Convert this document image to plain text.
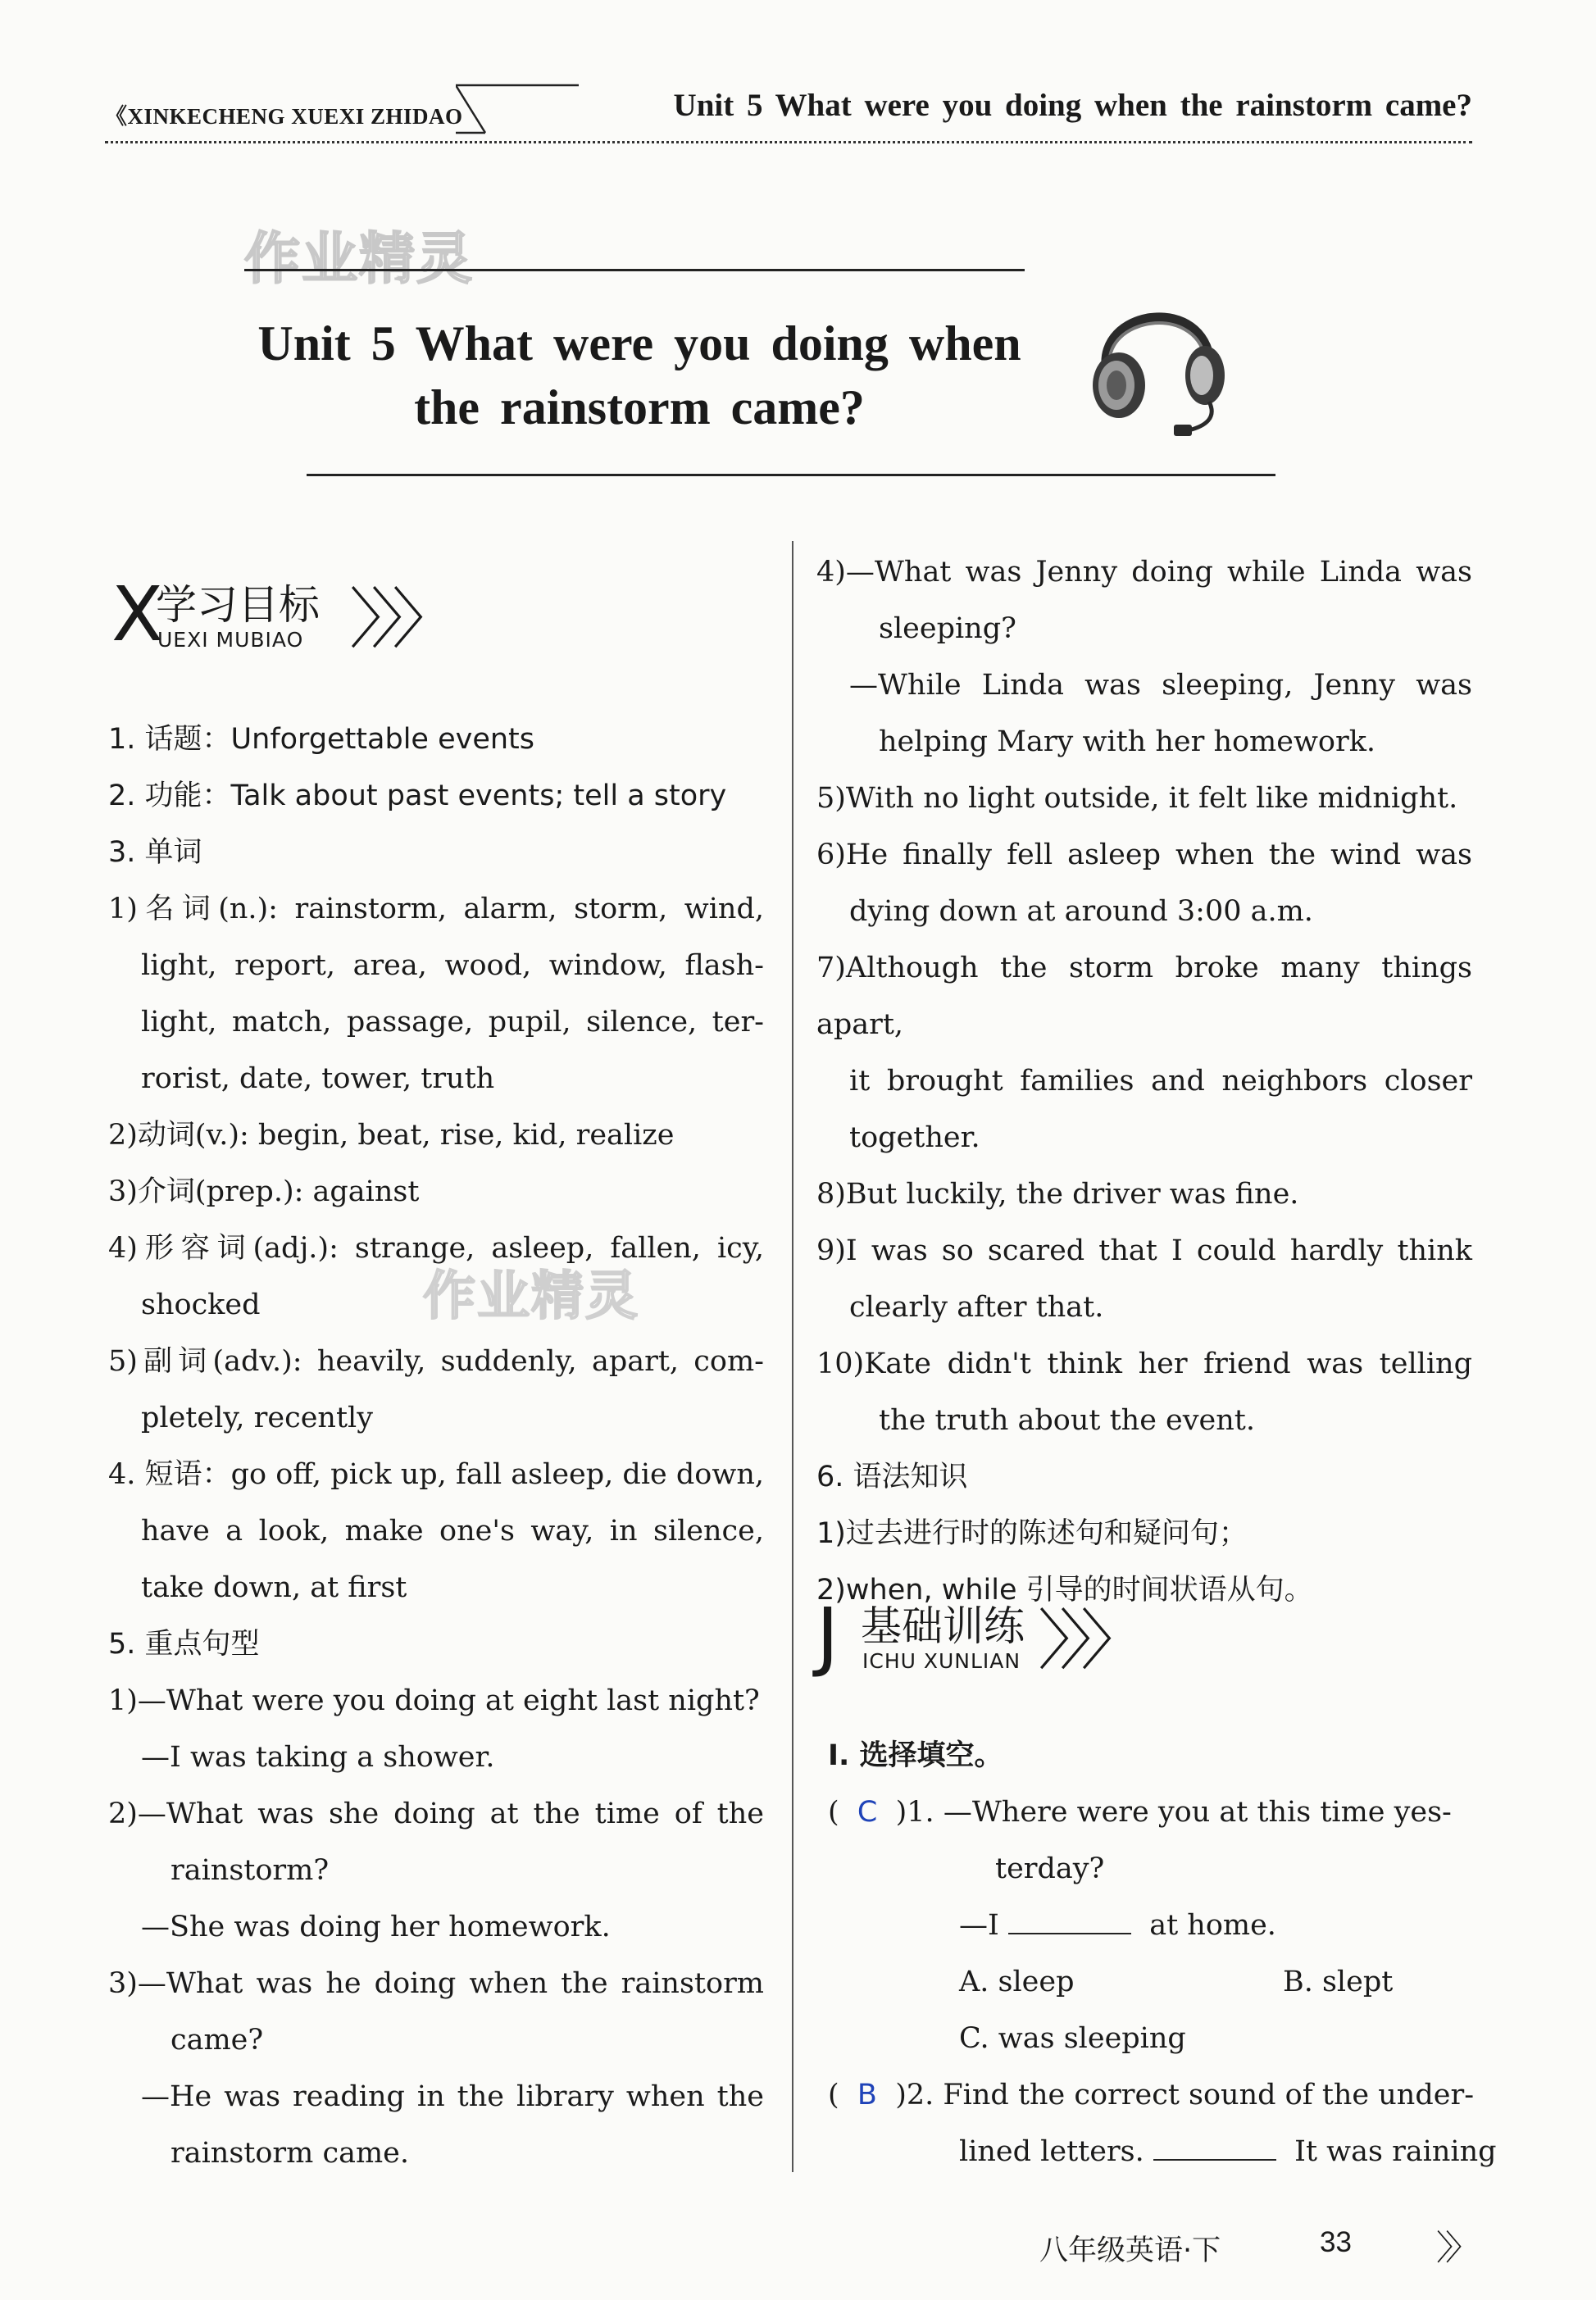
《XINKECHENG XUEXI ZHIDAO	Unit 5 What were you doing when the rainstorm came?
作业精灵
Unit 5 What were you doing when
the rainstorm came?
X
学习目标
UEXI MUBIAO 〉〉〉
1. 话题：Unforgettable events
2. 功能：Talk about past events; tell a story
3. 单词
1)名词(n.): rainstorm, alarm, storm, wind,
light, report, area, wood, window, flash-
light, match, passage, pupil, silence, ter-
rorist, date, tower, truth
2)动词(v.): begin, beat, rise, kid, realize
3)介词(prep.): against
4)形容词(adj.): strange, asleep, fallen, icy,
shocked
5)副词(adv.): heavily, suddenly, apart, com-
pletely, recently
4. 短语：go off, pick up, fall asleep, die down,
have a look, make one's way, in silence,
take down, at first
5. 重点句型
1)—What were you doing at eight last night?
—I was taking a shower.
2)—What was she doing at the time of the
rainstorm?
—She was doing her homework.
3)—What was he doing when the rainstorm
came?
—He was reading in the library when the
rainstorm came.
作业精灵
4)—What was Jenny doing while Linda was
sleeping?
—While Linda was sleeping, Jenny was
helping Mary with her homework.
5)With no light outside, it felt like midnight.
6)He finally fell asleep when the wind was
dying down at around 3:00 a.m.
7)Although the storm broke many things apart,
it brought families and neighbors closer
together.
8)But luckily, the driver was fine.
9)I was so scared that I could hardly think
clearly after that.
10)Kate didn't think her friend was telling
the truth about the event.
6. 语法知识
1)过去进行时的陈述句和疑问句；
2)when, while 引导的时间状语从句。
J 基础训练
ICHU XUNLIAN 〉〉〉
Ⅰ. 选择填空。
(  C )1. —Where were you at this time yes-
terday?
—I	at home.
A. sleep	B. slept
C. was sleeping
(  B )2. Find the correct sound of the under-
lined letters.	It was raining
八年级英语·下	33 〉〉
